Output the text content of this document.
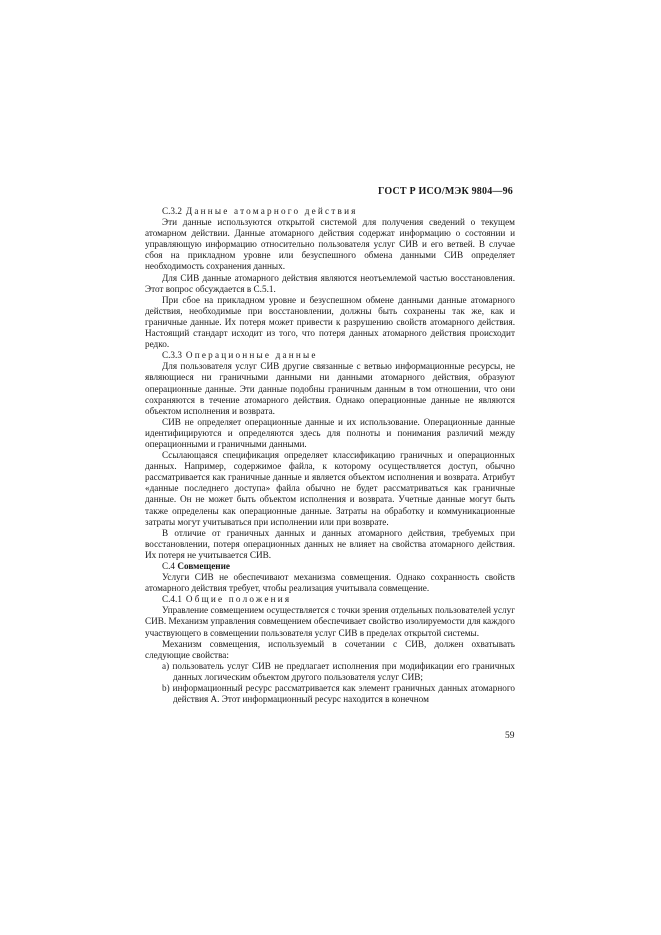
ГОСТ Р ИСО/МЭК 9804—96
C.3.2 Данные атомарного действия

Эти данные используются открытой системой для получения сведений о текущем атомарном действии. Данные атомарного действия содержат информацию о состоянии и управляющую информацию относительно пользователя услуг СИВ и его ветвей. В случае сбоя на прикладном уровне или безуспешного обмена данными СИВ определяет необходимость сохранения данных.

Для СИВ данные атомарного действия являются неотъемлемой частью восстановления. Этот вопрос обсуждается в C.5.1.

При сбое на прикладном уровне и безуспешном обмене данными данные атомарного действия, необходимые при восстановлении, должны быть сохранены так же, как и граничные данные. Их потеря может привести к разрушению свойств атомарного действия. Настоящий стандарт исходит из того, что потеря данных атомарного действия происходит редко.

C.3.3 Операционные данные

Для пользователя услуг СИВ другие связанные с ветвью информационные ресурсы, не являющиеся ни граничными данными ни данными атомарного действия, образуют операционные данные. Эти данные подобны граничным данным в том отношении, что они сохраняются в течение атомарного действия. Однако операционные данные не являются объектом исполнения и возврата.

СИВ не определяет операционные данные и их использование. Операционные данные идентифицируются и определяются здесь для полноты и понимания различий между операционными и граничными данными.

Ссылающаяся спецификация определяет классификацию граничных и операционных данных. Например, содержимое файла, к которому осуществляется доступ, обычно рассматривается как граничные данные и является объектом исполнения и возврата. Атрибут «данные последнего доступа» файла обычно не будет рассматриваться как граничные данные. Он не может быть объектом исполнения и возврата. Учетные данные могут быть также определены как операционные данные. Затраты на обработку и коммуникационные затраты могут учитываться при исполнении или при возврате.

В отличие от граничных данных и данных атомарного действия, требуемых при восстановлении, потеря операционных данных не влияет на свойства атомарного действия. Их потеря не учитывается СИВ.

C.4 Совмещение

Услуги СИВ не обеспечивают механизма совмещения. Однако сохранность свойств атомарного действия требует, чтобы реализация учитывала совмещение.

C.4.1 Общие положения

Управление совмещением осуществляется с точки зрения отдельных пользователей услуг СИВ. Механизм управления совмещением обеспечивает свойство изолируемости для каждого участвующего в совмещении пользователя услуг СИВ в пределах открытой системы.

Механизм совмещения, используемый в сочетании с СИВ, должен охватывать следующие свойства:

a) пользователь услуг СИВ не предлагает исполнения при модификации его граничных данных логическим объектом другого пользователя услуг СИВ;

b) информационный ресурс рассматривается как элемент граничных данных атомарного действия A. Этот информационный ресурс находится в конечном

59
